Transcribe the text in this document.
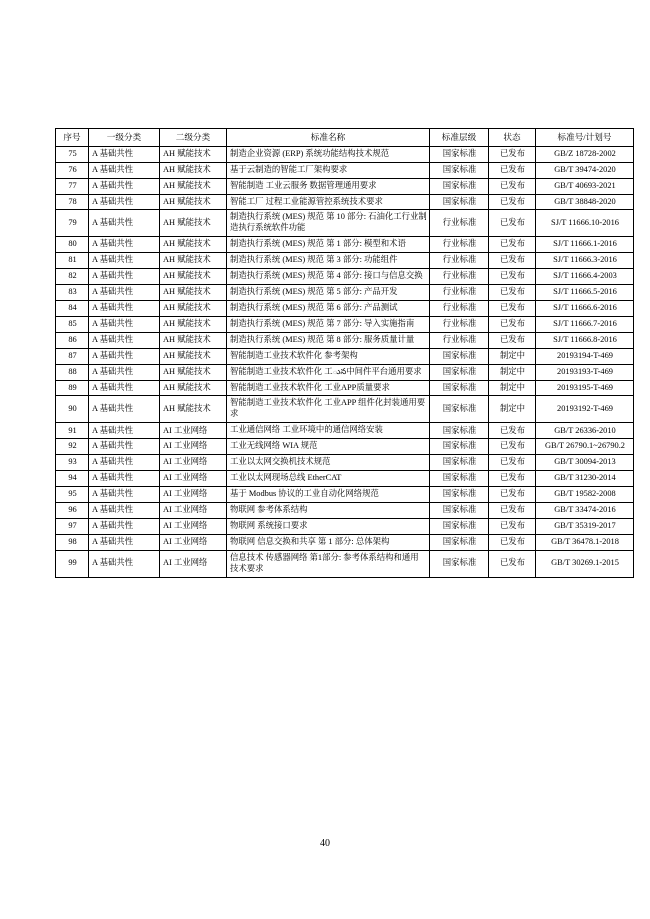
序号	一级分类	二级分类	标准名称	标准层级	状态	标准号/计划号
75	A 基础共性	AH 赋能技术	制造企业资源 (ERP) 系统功能结构技术规范	国家标准	已发布	GB/Z 18728-2002
76	A 基础共性	AH 赋能技术	基于云制造的智能工厂架构要求	国家标准	已发布	GB/T 39474-2020
77	A 基础共性	AH 赋能技术	智能制造 工业云服务 数据管理通用要求	国家标准	已发布	GB/T 40693-2021
78	A 基础共性	AH 赋能技术	智能工厂 过程工业能源管控系统技术要求	国家标准	已发布	GB/T 38848-2020
79	A 基础共性	AH 赋能技术	制造执行系统 (MES) 规范 第 10 部分: 石油化工行业制造执行系统软件功能	行业标准	已发布	SJ/T 11666.10-2016
80	A 基础共性	AH 赋能技术	制造执行系统 (MES) 规范 第 1 部分: 模型和术语	行业标准	已发布	SJ/T 11666.1-2016
81	A 基础共性	AH 赋能技术	制造执行系统 (MES) 规范 第 3 部分: 功能组件	行业标准	已发布	SJ/T 11666.3-2016
82	A 基础共性	AH 赋能技术	制造执行系统 (MES) 规范 第 4 部分: 接口与信息交换	行业标准	已发布	SJ/T 11666.4-2003
83	A 基础共性	AH 赋能技术	制造执行系统 (MES) 规范 第 5 部分: 产品开发	行业标准	已发布	SJ/T 11666.5-2016
84	A 基础共性	AH 赋能技术	制造执行系统 (MES) 规范 第 6 部分: 产品测试	行业标准	已发布	SJ/T 11666.6-2016
85	A 基础共性	AH 赋能技术	制造执行系统 (MES) 规范 第 7 部分: 导入实施指南	行业标准	已发布	SJ/T 11666.7-2016
86	A 基础共性	AH 赋能技术	制造执行系统 (MES) 规范 第 8 部分: 服务质量计量	行业标准	已发布	SJ/T 11666.8-2016
87	A 基础共性	AH 赋能技术	智能制造工业技术软件化 参考架构	国家标准	制定中	20193194-T-469
88	A 基础共性	AH 赋能技术	智能制造工业技术软件化 工ున中间件平台通用要求	国家标准	制定中	20193193-T-469
89	A 基础共性	AH 赋能技术	智能制造工业技术软件化 工业APP质量要求	国家标准	制定中	20193195-T-469
90	A 基础共性	AH 赋能技术	智能制造工业技术软件化 工业APP 组件化封装通用要求	国家标准	制定中	20193192-T-469
91	A 基础共性	AI 工业网络	工业通信网络 工业环境中的通信网络安装	国家标准	已发布	GB/T 26336-2010
92	A 基础共性	AI 工业网络	工业无线网络 WIA 规范	国家标准	已发布	GB/T 26790.1~26790.2
93	A 基础共性	AI 工业网络	工业以太网交换机技术规范	国家标准	已发布	GB/T 30094-2013
94	A 基础共性	AI 工业网络	工业以太网现场总线 EtherCAT	国家标准	已发布	GB/T 31230-2014
95	A 基础共性	AI 工业网络	基于 Modbus 协议的工业自动化网络规范	国家标准	已发布	GB/T 19582-2008
96	A 基础共性	AI 工业网络	物联网 参考体系结构	国家标准	已发布	GB/T 33474-2016
97	A 基础共性	AI 工业网络	物联网 系统接口要求	国家标准	已发布	GB/T 35319-2017
98	A 基础共性	AI 工业网络	物联网 信息交换和共享 第 1 部分: 总体架构	国家标准	已发布	GB/T 36478.1-2018
99	A 基础共性	AI 工业网络	信息技术 传感器网络 第1部分: 参考体系结构和通用技术要求	国家标准	已发布	GB/T 30269.1-2015
40
